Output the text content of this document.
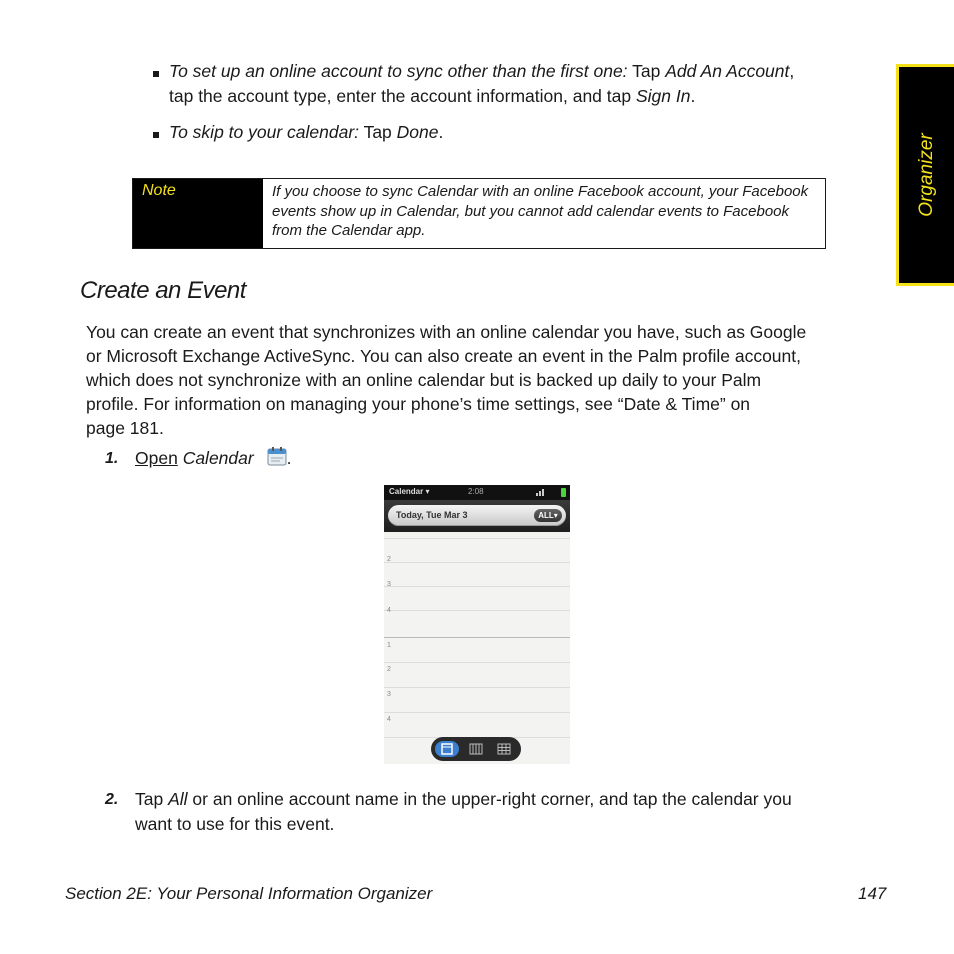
To set up an online account to sync other than the first one: Tap Add An Account,
tap the account type, enter the account information, and tap Sign In.
To skip to your calendar: Tap Done.
Note	If you choose to sync Calendar with an online Facebook account, your Facebook events show up in Calendar, but you cannot add calendar events to Facebook from the Calendar app.
Organizer
Create an Event
You can create an event that synchronizes with an online calendar you have, such as Google
or Microsoft Exchange ActiveSync. You can also create an event in the Palm profile account,
which does not synchronize with an online calendar but is backed up daily to your Palm
profile. For information on managing your phone’s time settings, see “Date & Time” on
page 181.
1. Open Calendar .
Calendar ▾	2:08
Today, Tue Mar 3	ALL▾
2
3
4
1
2
3
4
2. Tap All or an online account name in the upper-right corner, and tap the calendar you
want to use for this event.
Section 2E: Your Personal Information Organizer	147
